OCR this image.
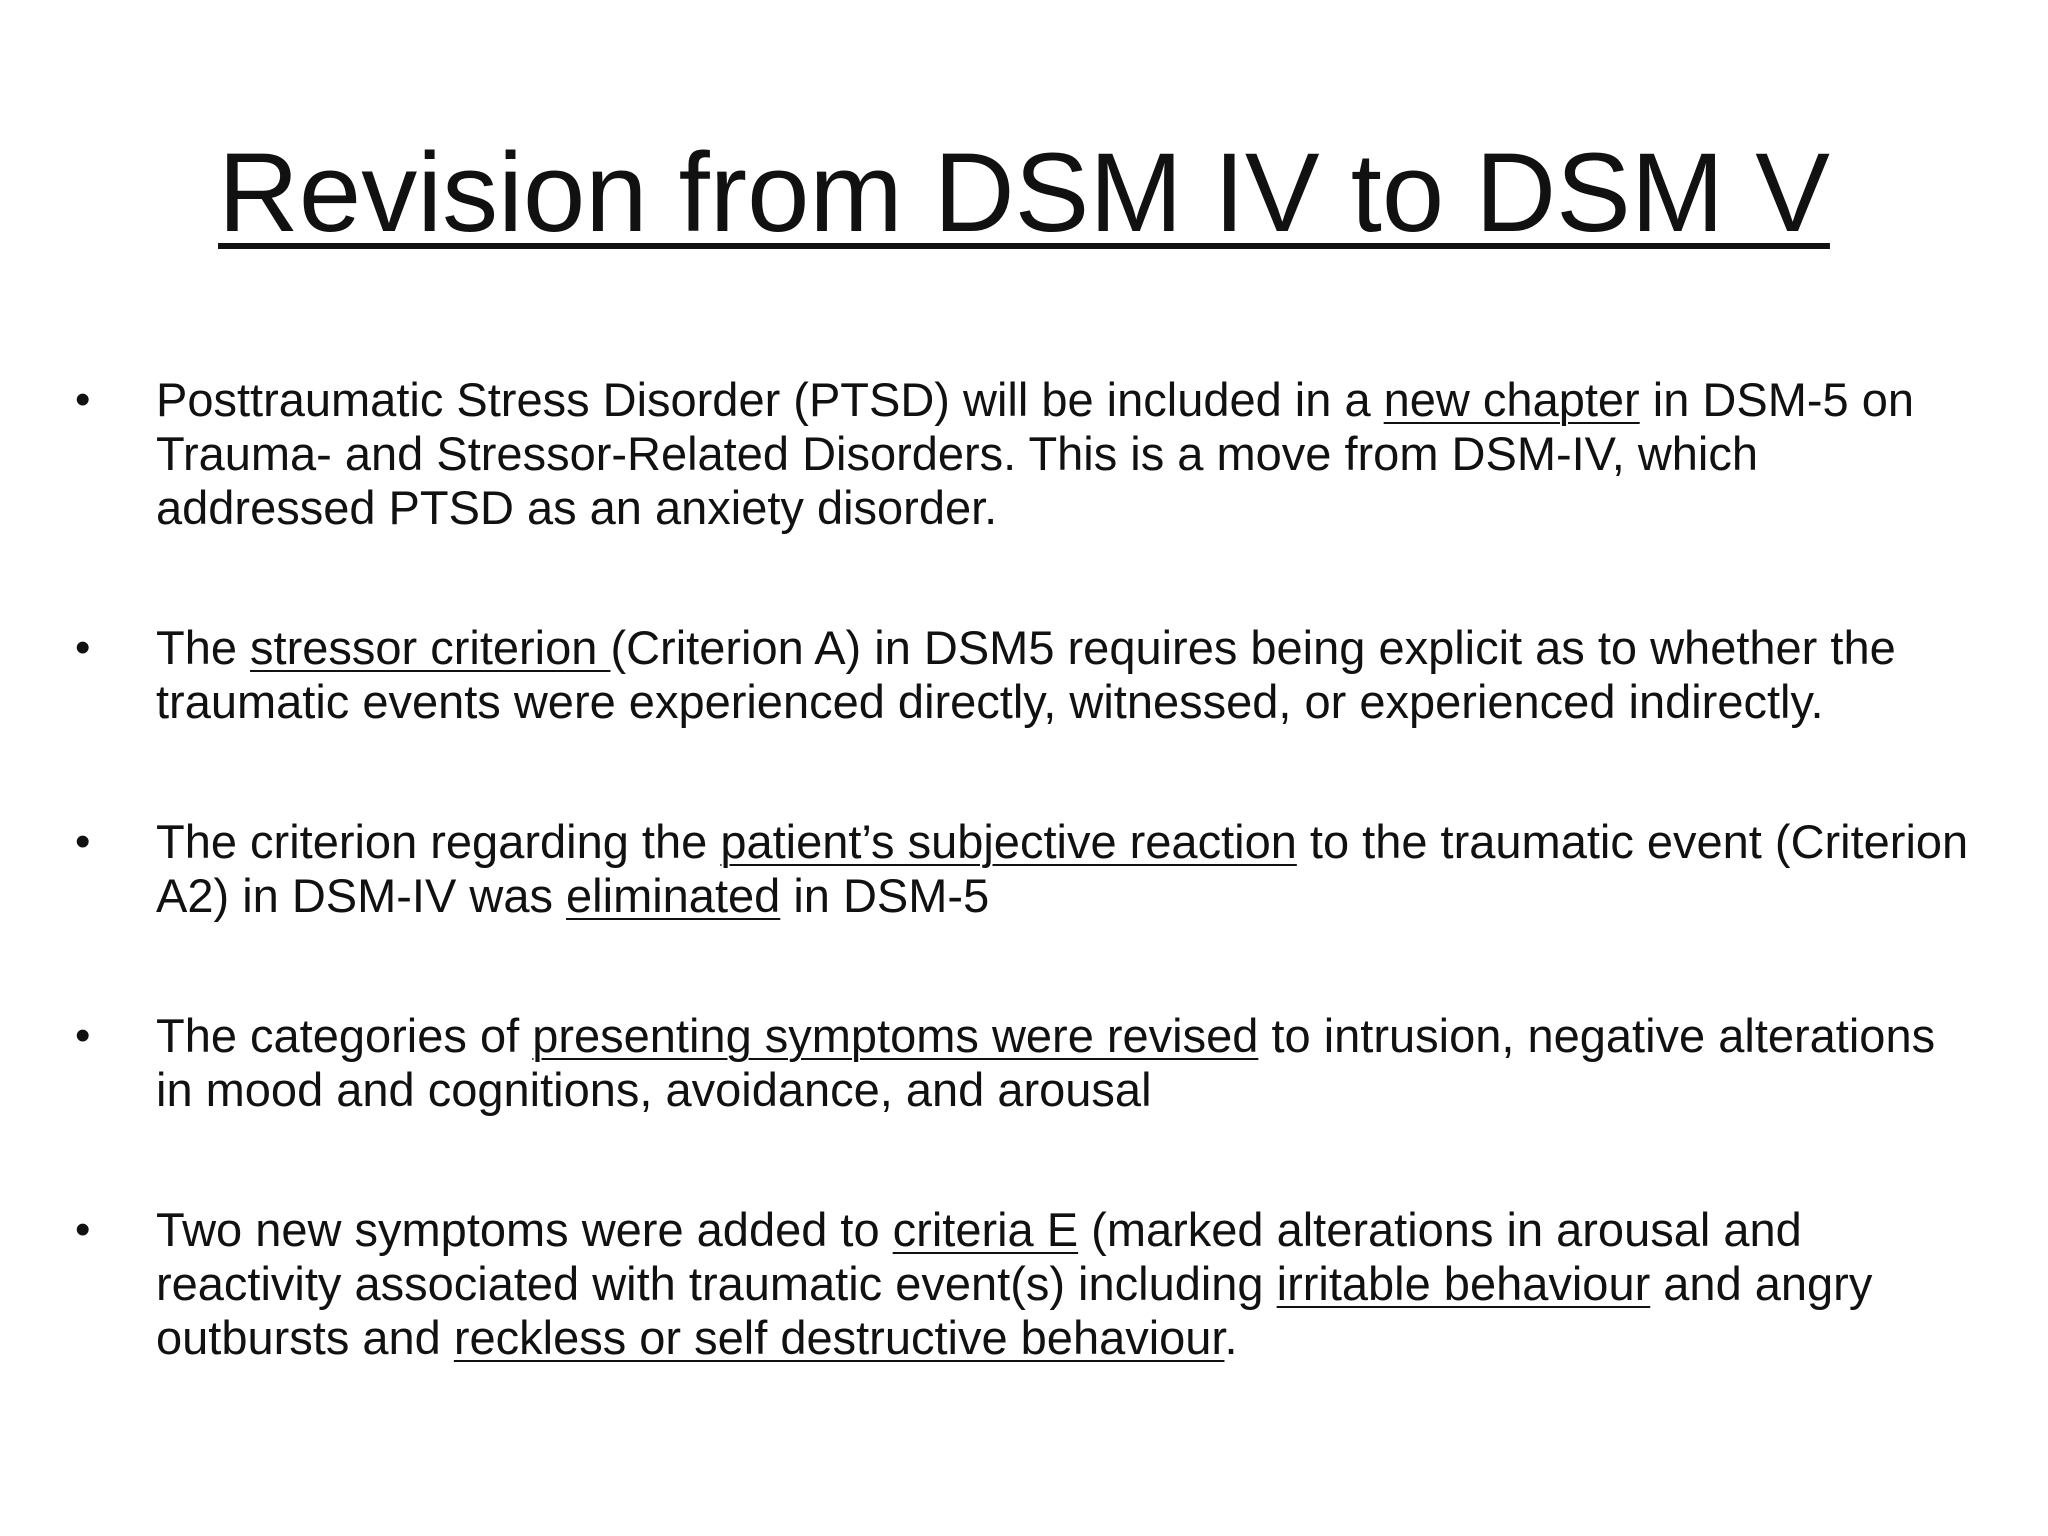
Revision from DSM IV to DSM V
•	Posttraumatic Stress Disorder (PTSD) will be included in a new chapter in DSM-5 on Trauma- and Stressor-Related Disorders. This is a move from DSM-IV, which addressed PTSD as an anxiety disorder.
•	The stressor criterion (Criterion A) in DSM5 requires being explicit as to whether the traumatic events were experienced directly, witnessed, or experienced indirectly.
•	The criterion regarding the patient’s subjective reaction to the traumatic event (Criterion A2) in DSM-IV was eliminated in DSM-5
•	The categories of presenting symptoms were revised to intrusion, negative alterations in mood and cognitions, avoidance, and arousal
•	Two new symptoms were added to criteria E (marked alterations in arousal and reactivity associated with traumatic event(s) including irritable behaviour and angry outbursts and reckless or self destructive behaviour.
